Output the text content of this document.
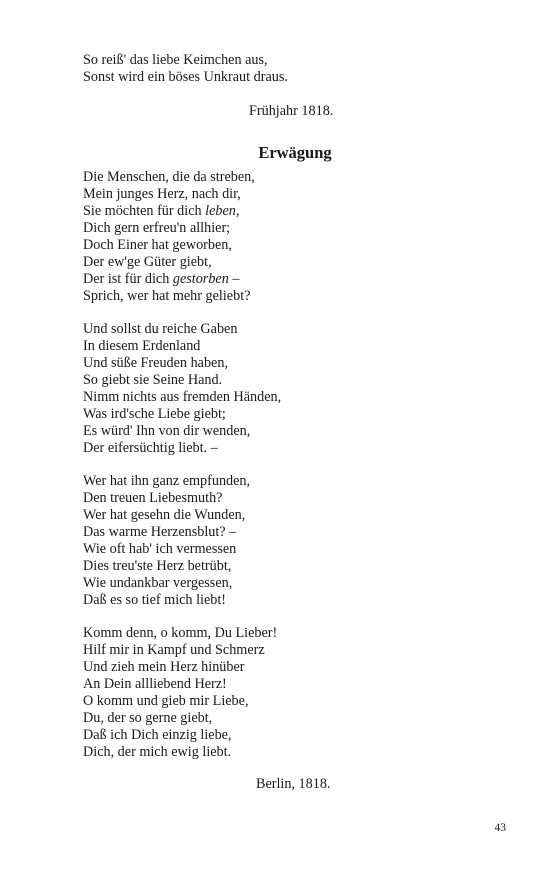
So reiß' das liebe Keimchen aus,
Sonst wird ein böses Unkraut draus.
Frühjahr 1818.
Erwägung
Die Menschen, die da streben,
Mein junges Herz, nach dir,
Sie möchten für dich leben,
Dich gern erfreu'n allhier;
Doch Einer hat geworben,
Der ew'ge Güter giebt,
Der ist für dich gestorben –
Sprich, wer hat mehr geliebt?
Und sollst du reiche Gaben
In diesem Erdenland
Und süße Freuden haben,
So giebt sie Seine Hand.
Nimm nichts aus fremden Händen,
Was ird'sche Liebe giebt;
Es würd' Ihn von dir wenden,
Der eifersüchtig liebt. –
Wer hat ihn ganz empfunden,
Den treuen Liebesmuth?
Wer hat gesehn die Wunden,
Das warme Herzensblut? –
Wie oft hab' ich vermessen
Dies treu'ste Herz betrübt,
Wie undankbar vergessen,
Daß es so tief mich liebt!
Komm denn, o komm, Du Lieber!
Hilf mir in Kampf und Schmerz
Und zieh mein Herz hinüber
An Dein allliebend Herz!
O komm und gieb mir Liebe,
Du, der so gerne giebt,
Daß ich Dich einzig liebe,
Dich, der mich ewig liebt.
Berlin, 1818.
43
